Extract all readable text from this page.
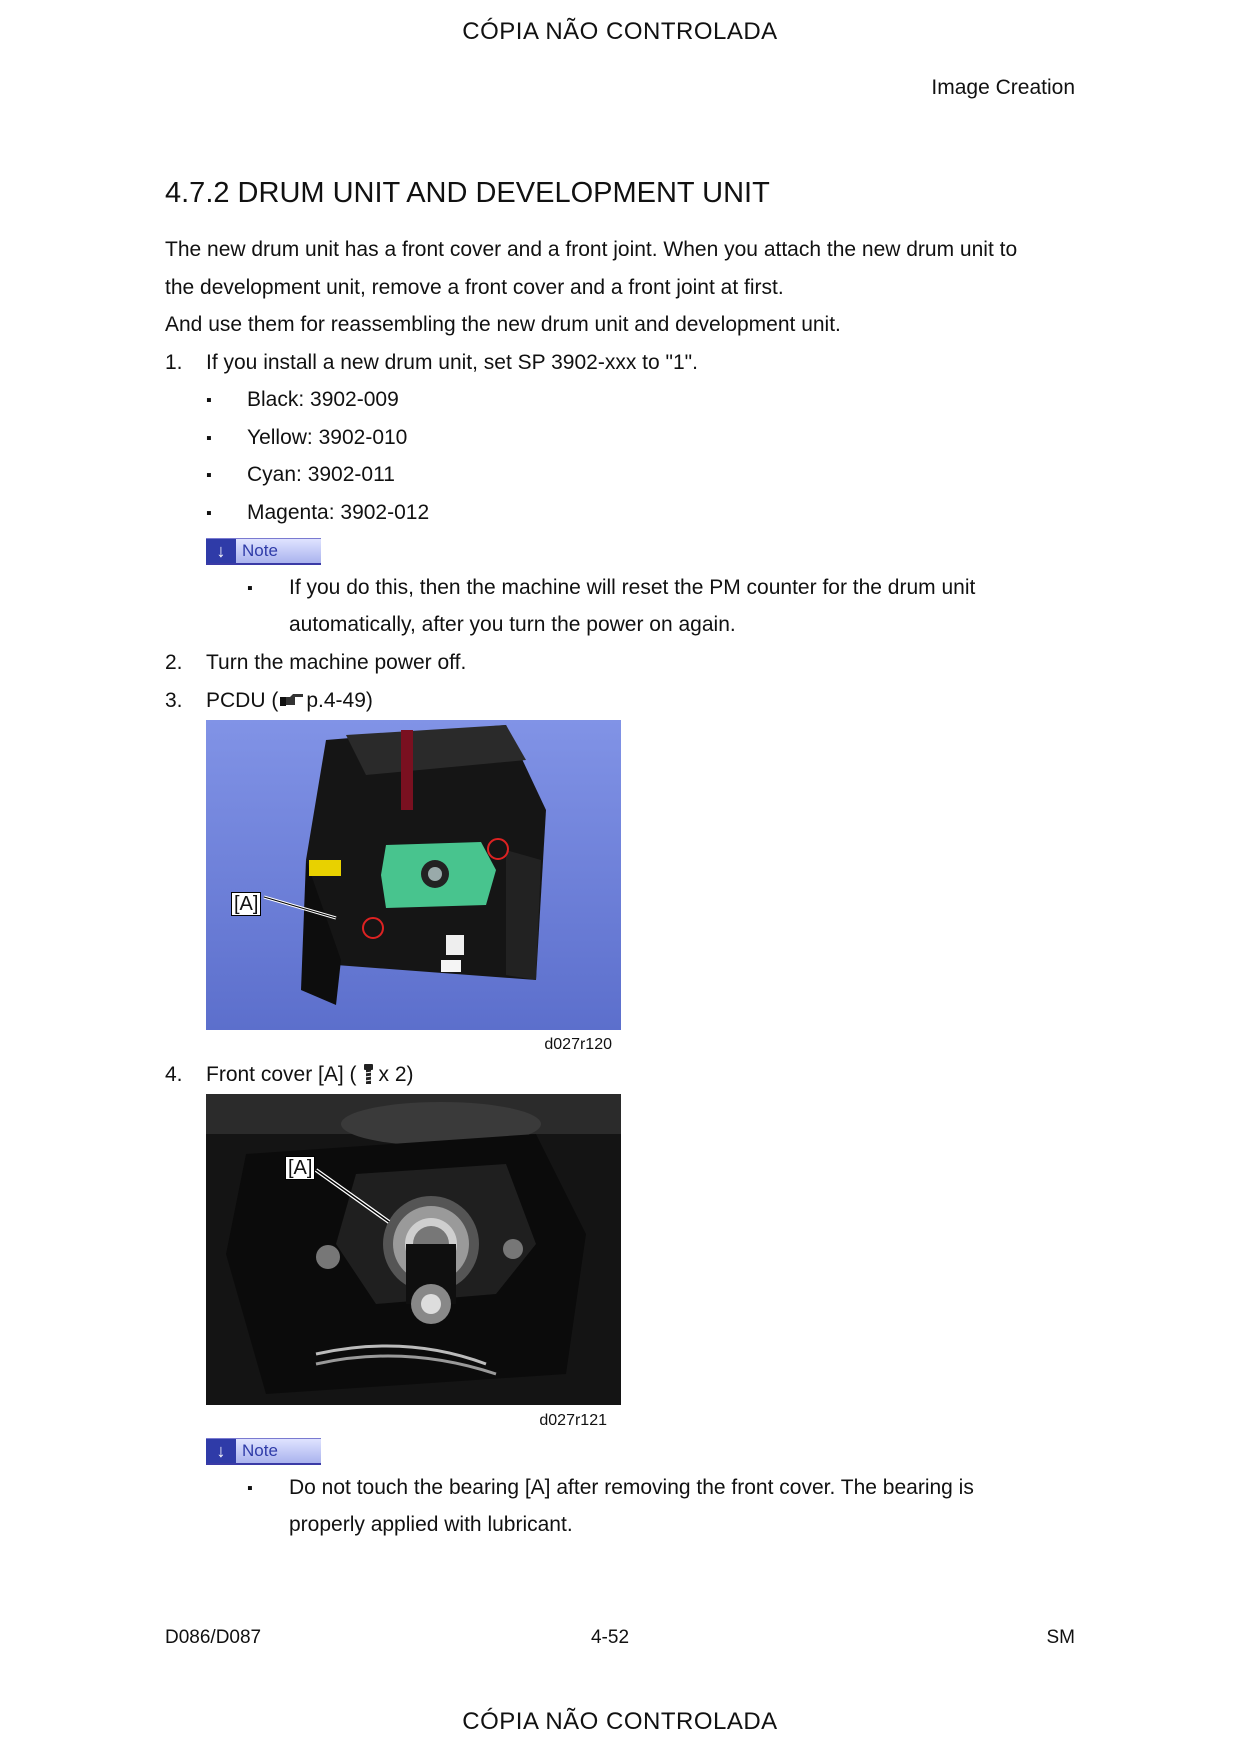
CÓPIA NÃO CONTROLADA
Image Creation
4.7.2 DRUM UNIT AND DEVELOPMENT UNIT
The new drum unit has a front cover and a front joint. When you attach the new drum unit to
the development unit, remove a front cover and a front joint at first.
And use them for reassembling the new drum unit and development unit.
1. If you install a new drum unit, set SP 3902-xxx to "1".
▪ Black: 3902-009
▪ Yellow: 3902-010
▪ Cyan: 3902-011
▪ Magenta: 3902-012
↓ Note
▪ If you do this, then the machine will reset the PM counter for the drum unit
automatically, after you turn the power on again.
2. Turn the machine power off.
3. PCDU ( p.4-49)
[A]
d027r120
4. Front cover [A] ( x 2)
[A]
d027r121
↓ Note
▪ Do not touch the bearing [A] after removing the front cover. The bearing is
properly applied with lubricant.
D086/D087	4-52	SM
CÓPIA NÃO CONTROLADA
